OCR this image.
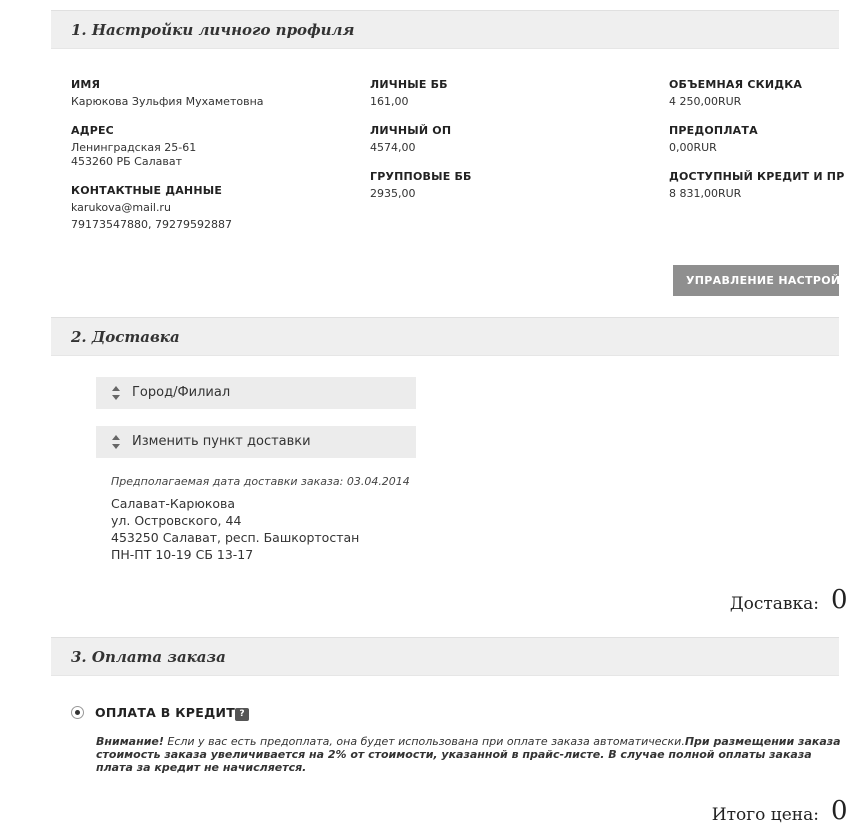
1. Настройки личного профиля
ИМЯ
Карюкова Зульфия Мухаметовна
АДРЕС
Ленинградская 25-61
453260 РБ Салават
КОНТАКТНЫЕ ДАННЫЕ
karukova@mail.ru
79173547880, 79279592887
ЛИЧНЫЕ ББ
161,00
ЛИЧНЫЙ ОП
4574,00
ГРУППОВЫЕ ББ
2935,00
ОБЪЕМНАЯ СКИДКА
4 250,00RUR
ПРЕДОПЛАТА
0,00RUR
ДОСТУПНЫЙ КРЕДИТ И ПР
8 831,00RUR
УПРАВЛЕНИЕ НАСТРОЙ
2. Доставка
Город/Филиал
Изменить пункт доставки
Предполагаемая дата доставки заказа: 03.04.2014
Салават-Карюкова
ул. Островского, 44
453250 Салават, респ. Башкортостан
ПН-ПТ 10-19 СБ 13-17
Доставка: 0
3. Оплата заказа
ОПЛАТА В КРЕДИТ ?

Внимание! Если у вас есть предоплата, она будет использована при оплате заказа автоматически.При размещении заказа

стоимость заказа увеличивается на 2% от стоимости, указанной в прайс-листе. В случае полной оплаты заказа

плата за кредит не начисляется.

Итого цена: 0
